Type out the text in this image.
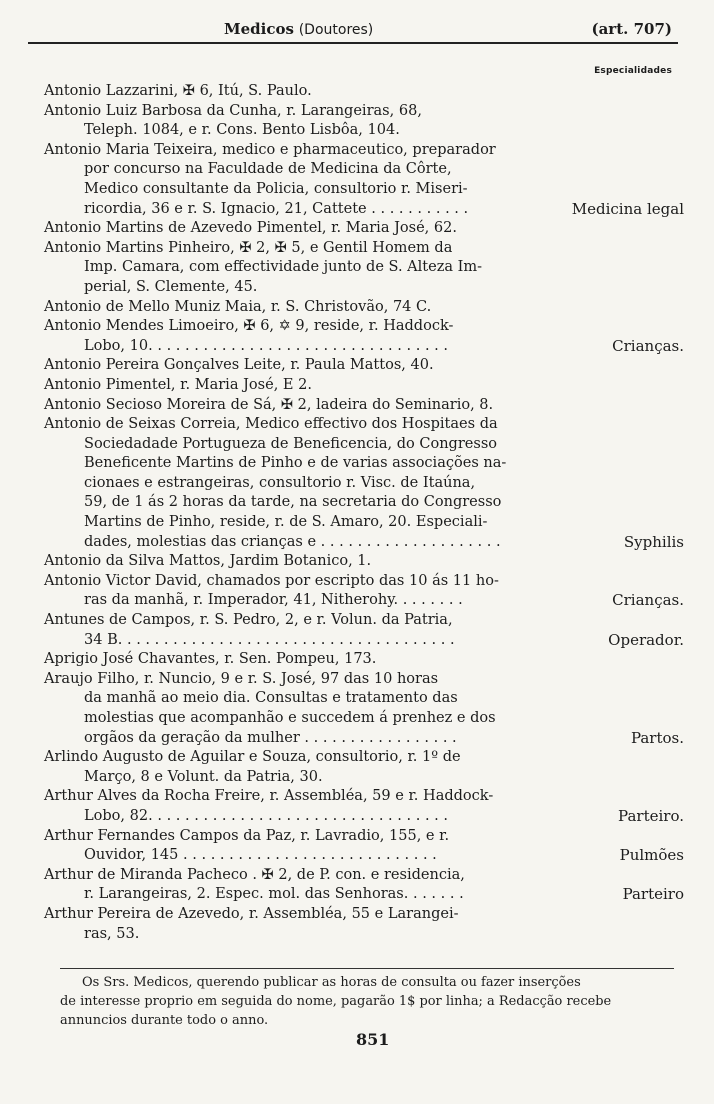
Medicos (Doutores)	(art. 707)
Especialidades
Antonio Lazzarini, ✠ 6, Itú, S. Paulo.
Antonio Luiz Barbosa da Cunha, r. Larangeiras, 68,
Teleph. 1084, e r. Cons. Bento Lisbôa, 104.
Antonio Maria Teixeira, medico e pharmaceutico, preparador
por concurso na Faculdade de Medicina da Côrte,
Medico consultante da Policia, consultorio r. Miseri-
ricordia, 36 e r. S. Ignacio, 21, Cattete . . . . . . . . . . .	Medicina legal
Antonio Martins de Azevedo Pimentel, r. Maria José, 62.
Antonio Martins Pinheiro, ✠ 2, ✠ 5, e Gentil Homem da
Imp. Camara, com effectividade junto de S. Alteza Im-
perial, S. Clemente, 45.
Antonio de Mello Muniz Maia, r. S. Christovão, 74 C.
Antonio Mendes Limoeiro, ✠ 6, ✡ 9, reside, r. Haddock-
Lobo, 10. . . . . . . . . . . . . . . . . . . . . . . . . . . . . . . . .	Crianças.
Antonio Pereira Gonçalves Leite, r. Paula Mattos, 40.
Antonio Pimentel, r. Maria José, E 2.
Antonio Secioso Moreira de Sá, ✠ 2, ladeira do Seminario, 8.
Antonio de Seixas Correia, Medico effectivo dos Hospitaes da
Sociedadade Portugueza de Beneficencia, do Congresso
Beneficente Martins de Pinho e de varias associações na-
cionaes e estrangeiras, consultorio r. Visc. de Itaúna,
59, de 1 ás 2 horas da tarde, na secretaria do Congresso
Martins de Pinho, reside, r. de S. Amaro, 20. Especiali-
dades, molestias das crianças e . . . . . . . . . . . . . . . . . . . .	Syphilis
Antonio da Silva Mattos, Jardim Botanico, 1.
Antonio Victor David, chamados por escripto das 10 ás 11 ho-
ras da manhã, r. Imperador, 41, Nitherohy. . . . . . . .	Crianças.
Antunes de Campos, r. S. Pedro, 2, e r. Volun. da Patria,
34 B. . . . . . . . . . . . . . . . . . . . . . . . . . . . . . . . . . . . .	Operador.
Aprigio José Chavantes, r. Sen. Pompeu, 173.
Araujo Filho, r. Nuncio, 9 e r. S. José, 97 das 10 horas
da manhã ao meio dia. Consultas e tratamento das
molestias que acompanhão e succedem á prenhez e dos
orgãos da geração da mulher . . . . . . . . . . . . . . . . .	Partos.
Arlindo Augusto de Aguilar e Souza, consultorio, r. 1º de
Março, 8 e Volunt. da Patria, 30.
Arthur Alves da Rocha Freire, r. Assembléa, 59 e r. Haddock-
Lobo, 82. . . . . . . . . . . . . . . . . . . . . . . . . . . . . . . . .	Parteiro.
Arthur Fernandes Campos da Paz, r. Lavradio, 155, e r.
Ouvidor, 145 . . . . . . . . . . . . . . . . . . . . . . . . . . . .	Pulmões
Arthur de Miranda Pacheco . ✠ 2, de P. con. e residencia,
r. Larangeiras, 2. Espec. mol. das Senhoras. . . . . . .	Parteiro
Arthur Pereira de Azevedo, r. Assembléa, 55 e Larangei-
ras, 53.
Os Srs. Medicos, querendo publicar as horas de consulta ou fazer inserções
de interesse proprio em seguida do nome, pagarão 1$ por linha; a Redacção recebe
annuncios durante todo o anno.
851
